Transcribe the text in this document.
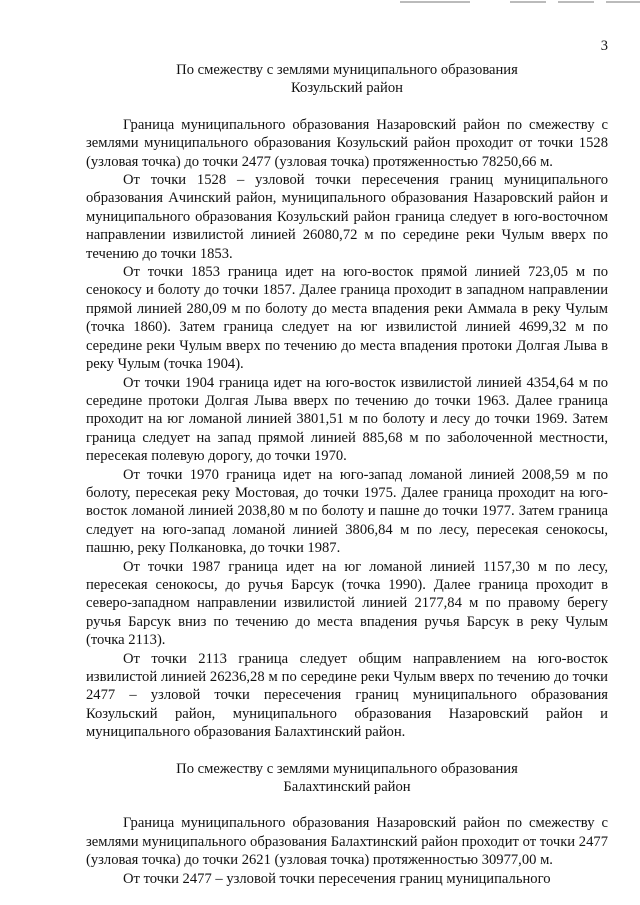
3
По смежеству с землями муниципального образования
Козульский район

Граница муниципального образования Назаровский район по смежеству с землями муниципального образования Козульский район проходит от точки 1528 (узловая точка) до точки 2477 (узловая точка) протяженностью 78250,66 м.

От точки 1528 – узловой точки пересечения границ муниципального образования Ачинский район, муниципального образования Назаровский район и муниципального образования Козульский район граница следует в юго-восточном направлении извилистой линией 26080,72 м по середине реки Чулым вверх по течению до точки 1853.

От точки 1853 граница идет на юго-восток прямой линией 723,05 м по сенокосу и болоту до точки 1857. Далее граница проходит в западном направлении прямой линией 280,09 м по болоту до места впадения реки Аммала в реку Чулым (точка 1860). Затем граница следует на юг извилистой линией 4699,32 м по середине реки Чулым вверх по течению до места впадения протоки Долгая Лыва в реку Чулым (точка 1904).

От точки 1904 граница идет на юго-восток извилистой линией 4354,64 м по середине протоки Долгая Лыва вверх по течению до точки 1963. Далее граница проходит на юг ломаной линией 3801,51 м по болоту и лесу до точки 1969. Затем граница следует на запад прямой линией 885,68 м по заболоченной местности, пересекая полевую дорогу, до точки 1970.

От точки 1970 граница идет на юго-запад ломаной линией 2008,59 м по болоту, пересекая реку Мостовая, до точки 1975. Далее граница проходит на юго-восток ломаной линией 2038,80 м по болоту и пашне до точки 1977. Затем граница следует на юго-запад ломаной линией 3806,84 м по лесу, пересекая сенокосы, пашню, реку Полкановка, до точки 1987.

От точки 1987 граница идет на юг ломаной линией 1157,30 м по лесу, пересекая сенокосы, до ручья Барсук (точка 1990). Далее граница проходит в северо-западном направлении извилистой линией 2177,84 м по правому берегу ручья Барсук вниз по течению до места впадения ручья Барсук в реку Чулым (точка 2113).

От точки 2113 граница следует общим направлением на юго-восток извилистой линией 26236,28 м по середине реки Чулым вверх по течению до точки 2477 – узловой точки пересечения границ муниципального образования Козульский район, муниципального образования Назаровский район и муниципального образования Балахтинский район.

По смежеству с землями муниципального образования
Балахтинский район

Граница муниципального образования Назаровский район по смежеству с землями муниципального образования Балахтинский район проходит от точки 2477 (узловая точка) до точки 2621 (узловая точка) протяженностью 30977,00 м.

От точки 2477 – узловой точки пересечения границ муниципального
